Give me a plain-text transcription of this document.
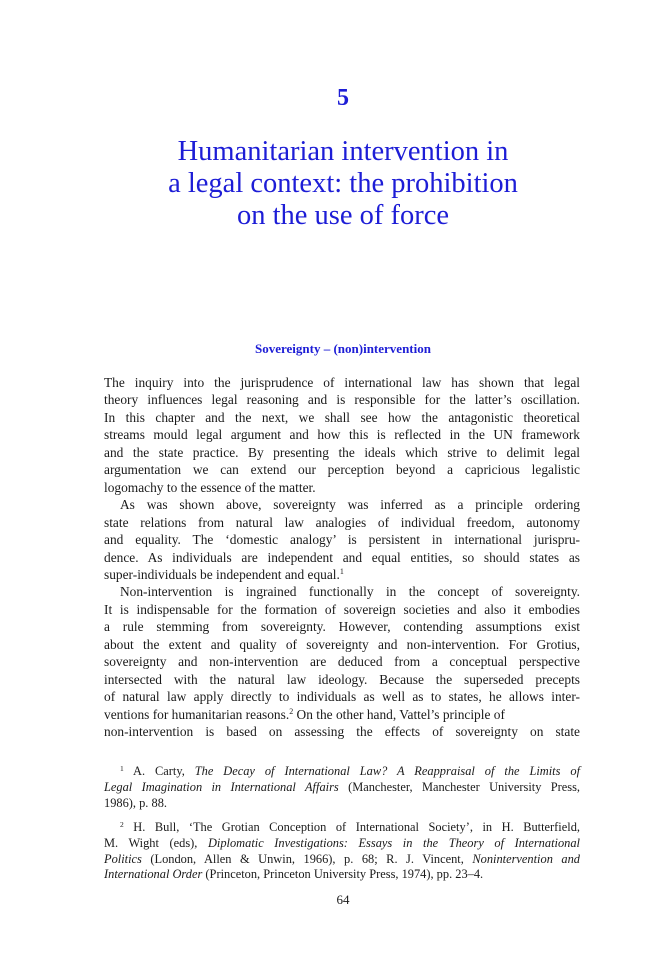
5
Humanitarian intervention in
a legal context: the prohibition
on the use of force
Sovereignty – (non)intervention
The inquiry into the jurisprudence of international law has shown that legal
theory influences legal reasoning and is responsible for the latter’s oscillation.
In this chapter and the next, we shall see how the antagonistic theoretical
streams mould legal argument and how this is reflected in the UN framework
and the state practice. By presenting the ideals which strive to delimit legal
argumentation we can extend our perception beyond a capricious legalistic
logomachy to the essence of the matter.
As was shown above, sovereignty was inferred as a principle ordering
state relations from natural law analogies of individual freedom, autonomy
and equality. The ‘domestic analogy’ is persistent in international jurispru-
dence. As individuals are independent and equal entities, so should states as
super-individuals be independent and equal.$^1$
Non-intervention is ingrained functionally in the concept of sovereignty.
It is indispensable for the formation of sovereign societies and also it embodies
a rule stemming from sovereignty. However, contending assumptions exist
about the extent and quality of sovereignty and non-intervention. For Grotius,
sovereignty and non-intervention are deduced from a conceptual perspective
intersected with the natural law ideology. Because the superseded precepts
of natural law apply directly to individuals as well as to states, he allows inter-
ventions for humanitarian reasons.$^2$ On the other hand, Vattel’s principle of
non-intervention is based on assessing the effects of sovereignty on state
$^1$ A. Carty, The Decay of International Law? A Reappraisal of the Limits of
Legal Imagination in International Affairs (Manchester, Manchester University Press,
1986), p. 88.
$^2$ H. Bull, ‘The Grotian Conception of International Society’, in H. Butterfield,
M. Wight (eds), Diplomatic Investigations: Essays in the Theory of International
Politics (London, Allen & Unwin, 1966), p. 68; R. J. Vincent, Nonintervention and
International Order (Princeton, Princeton University Press, 1974), pp. 23–4.
64
